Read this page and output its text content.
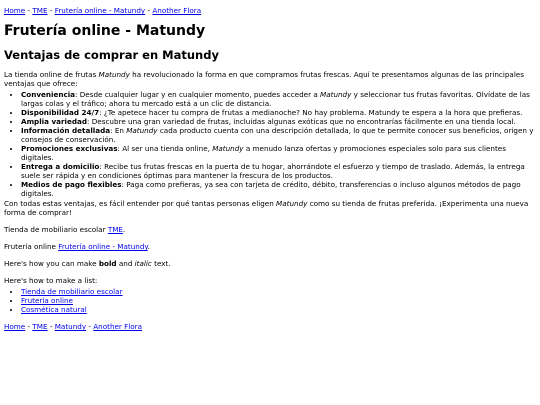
Home - TME - Frutería online - Matundy - Another Flora

Frutería online - Matundy
Ventajas de comprar en Matundy

La tienda online de frutas Matundy ha revolucionado la forma en que compramos frutas frescas. Aquí te presentamos algunas de las principales ventajas que ofrece:

• Conveniencia: Desde cualquier lugar y en cualquier momento, puedes acceder a Matundy y seleccionar tus frutas favoritas. Olvídate de las largas colas y el tráfico; ahora tu mercado está a un clic de distancia.
• Disponibilidad 24/7: ¿Te apetece hacer tu compra de frutas a medianoche? No hay problema. Matundy te espera a la hora que prefieras.
• Amplia variedad: Descubre una gran variedad de frutas, incluidas algunas exóticas que no encontrarías fácilmente en una tienda local.
• Información detallada: En Matundy cada producto cuenta con una descripción detallada, lo que te permite conocer sus beneficios, origen y consejos de conservación.
• Promociones exclusivas: Al ser una tienda online, Matundy a menudo lanza ofertas y promociones especiales solo para sus clientes digitales.
• Entrega a domicilio: Recibe tus frutas frescas en la puerta de tu hogar, ahorrándote el esfuerzo y tiempo de traslado. Además, la entrega suele ser rápida y en condiciones óptimas para mantener la frescura de los productos.
• Medios de pago flexibles: Paga como prefieras, ya sea con tarjeta de crédito, débito, transferencias o incluso algunos métodos de pago digitales.

Con todas estas ventajas, es fácil entender por qué tantas personas eligen Matundy como su tienda de frutas preferida. ¡Experimenta una nueva forma de comprar!

Tienda de mobiliario escolar TME.

Frutería online Frutería online - Matundy.

Here's how you can make bold and italic text.

Here's how to make a list:

• Tienda de mobiliario escolar
• Frutería online
• Cosmética natural

Home - TME - Matundy - Another Flora
